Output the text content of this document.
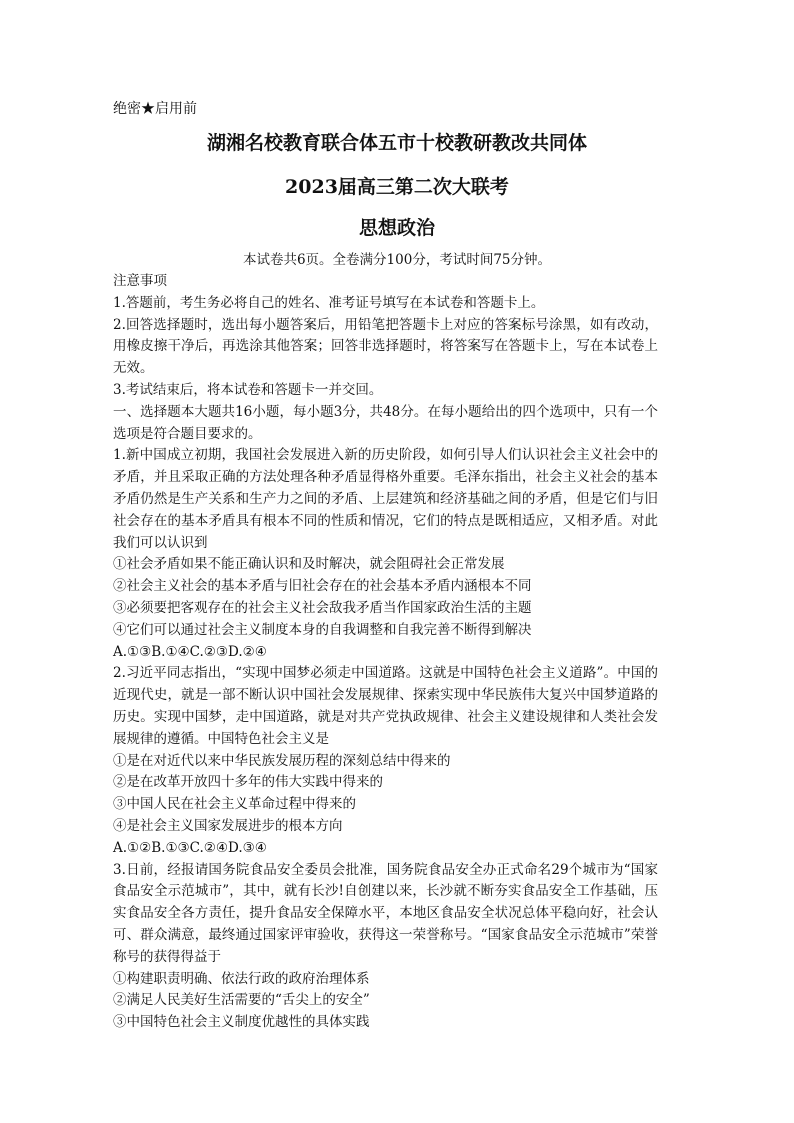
绝密★启用前
湖湘名校教育联合体五市十校教研教改共同体
2023届高三第二次大联考
思想政治
本试卷共6页。全卷满分100分，考试时间75分钟。

注意事项

1.答题前，考生务必将自己的姓名、准考证号填写在本试卷和答题卡上。

2.回答选择题时，选出每小题答案后，用铅笔把答题卡上对应的答案标号涂黑，如有改动，用橡皮擦干净后，再选涂其他答案；回答非选择题时，将答案写在答题卡上，写在本试卷上无效。

3.考试结束后，将本试卷和答题卡一并交回。

一、选择题本大题共16小题，每小题3分，共48分。在每小题给出的四个选项中，只有一个选项是符合题目要求的。

1.新中国成立初期，我国社会发展进入新的历史阶段，如何引导人们认识社会主义社会中的矛盾，并且采取正确的方法处理各种矛盾显得格外重要。毛泽东指出，社会主义社会的基本矛盾仍然是生产关系和生产力之间的矛盾、上层建筑和经济基础之间的矛盾，但是它们与旧社会存在的基本矛盾具有根本不同的性质和情况，它们的特点是既相适应，又相矛盾。对此我们可以认识到

①社会矛盾如果不能正确认识和及时解决，就会阻碍社会正常发展

②社会主义社会的基本矛盾与旧社会存在的社会基本矛盾内涵根本不同

③必须要把客观存在的社会主义社会敌我矛盾当作国家政治生活的主题

④它们可以通过社会主义制度本身的自我调整和自我完善不断得到解决

A.①③B.①④C.②③D.②④

2.习近平同志指出，“实现中国梦必须走中国道路。这就是中国特色社会主义道路”。中国的近现代史，就是一部不断认识中国社会发展规律、探索实现中华民族伟大复兴中国梦道路的历史。实现中国梦，走中国道路，就是对共产党执政规律、社会主义建设规律和人类社会发展规律的遵循。中国特色社会主义是

①是在对近代以来中华民族发展历程的深刻总结中得来的

②是在改革开放四十多年的伟大实践中得来的

③中国人民在社会主义革命过程中得来的

④是社会主义国家发展进步的根本方向

A.①②B.①③C.②④D.③④

3.日前，经报请国务院食品安全委员会批准，国务院食品安全办正式命名29个城市为“国家食品安全示范城市”，其中，就有长沙!自创建以来，长沙就不断夯实食品安全工作基础，压实食品安全各方责任，提升食品安全保障水平，本地区食品安全状况总体平稳向好，社会认可、群众满意，最终通过国家评审验收，获得这一荣誉称号。“国家食品安全示范城市”荣誉称号的获得得益于

①构建职责明确、依法行政的政府治理体系

②满足人民美好生活需要的“舌尖上的安全”

③中国特色社会主义制度优越性的具体实践
